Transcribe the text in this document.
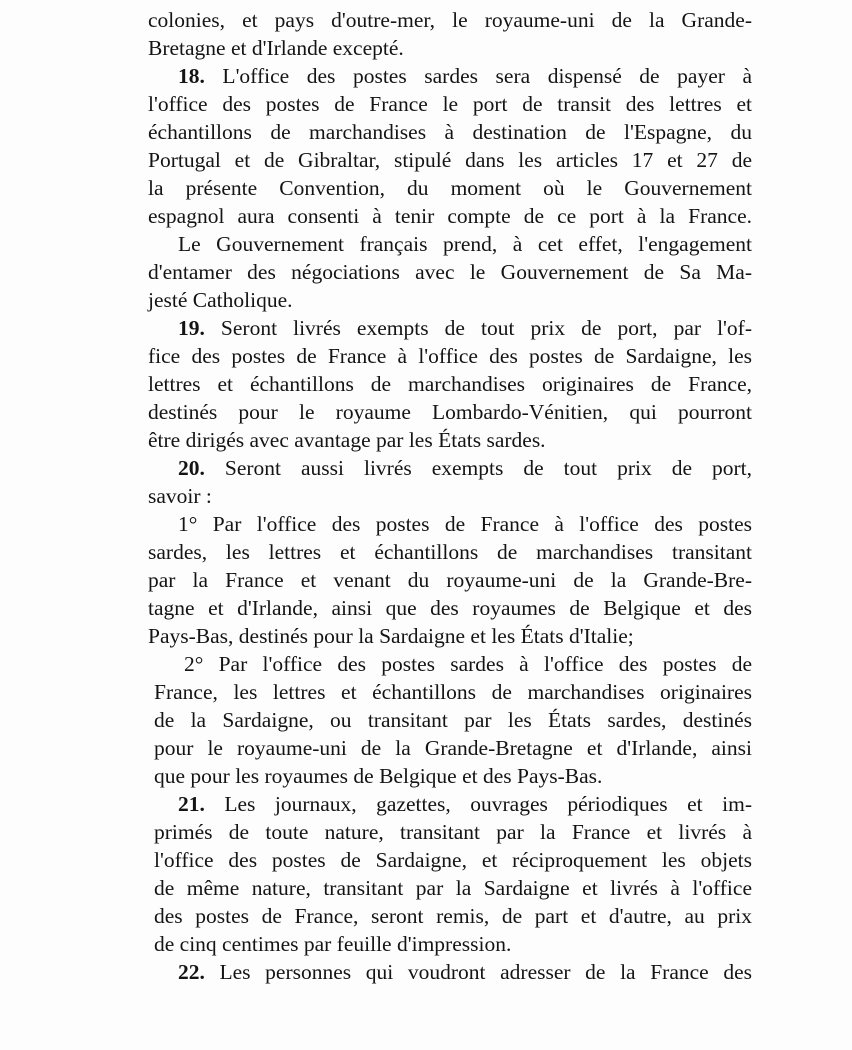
colonies, et pays d'outre-mer, le royaume-uni de la Grande-
Bretagne et d'Irlande excepté.
18. L'office des postes sardes sera dispensé de payer à
l'office des postes de France le port de transit des lettres et
échantillons de marchandises à destination de l'Espagne, du
Portugal et de Gibraltar, stipulé dans les articles 17 et 27 de
la présente Convention, du moment où le Gouvernement
espagnol aura consenti à tenir compte de ce port à la France.
Le Gouvernement français prend, à cet effet, l'engagement
d'entamer des négociations avec le Gouvernement de Sa Ma-
jesté Catholique.
19. Seront livrés exempts de tout prix de port, par l'of-
fice des postes de France à l'office des postes de Sardaigne, les
lettres et échantillons de marchandises originaires de France,
destinés pour le royaume Lombardo-Vénitien, qui pourront
être dirigés avec avantage par les États sardes.
20. Seront aussi livrés exempts de tout prix de port,
savoir :
1° Par l'office des postes de France à l'office des postes
sardes, les lettres et échantillons de marchandises transitant
par la France et venant du royaume-uni de la Grande-Bre-
tagne et d'Irlande, ainsi que des royaumes de Belgique et des
Pays-Bas, destinés pour la Sardaigne et les États d'Italie;
2° Par l'office des postes sardes à l'office des postes de
France, les lettres et échantillons de marchandises originaires
de la Sardaigne, ou transitant par les États sardes, destinés
pour le royaume-uni de la Grande-Bretagne et d'Irlande, ainsi
que pour les royaumes de Belgique et des Pays-Bas.
21. Les journaux, gazettes, ouvrages périodiques et im-
primés de toute nature, transitant par la France et livrés à
l'office des postes de Sardaigne, et réciproquement les objets
de même nature, transitant par la Sardaigne et livrés à l'office
des postes de France, seront remis, de part et d'autre, au prix
de cinq centimes par feuille d'impression.
22. Les personnes qui voudront adresser de la France des
